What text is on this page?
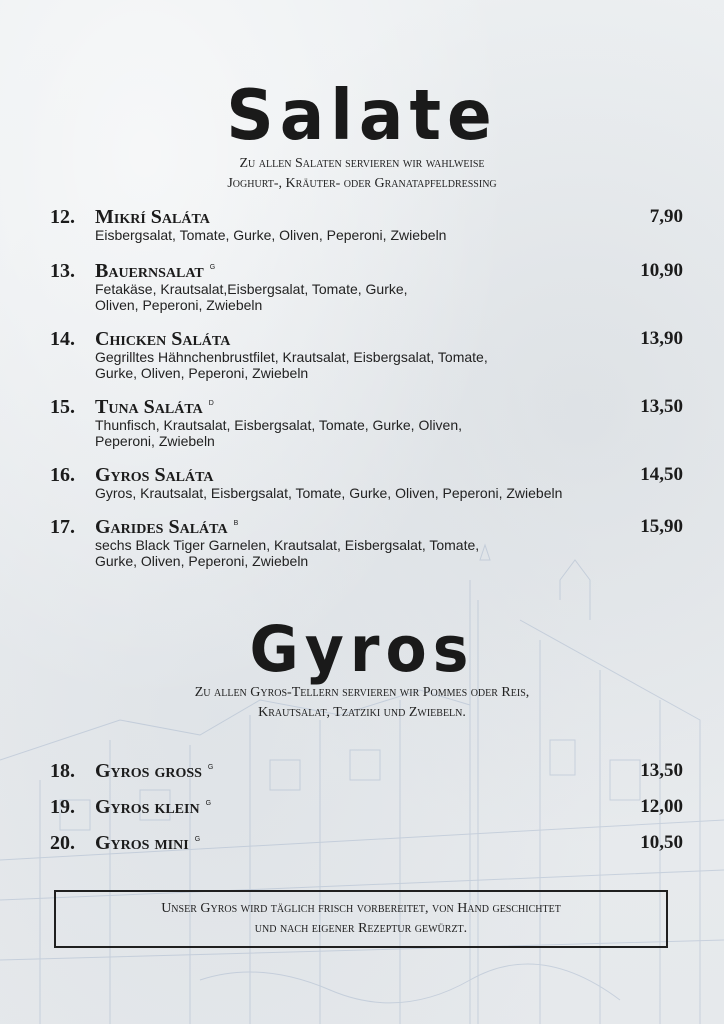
Salate
Zu allen Salaten servieren wir wahlweise
Joghurt-, Kräuter- oder Granatapfeldressing
12. Mikrí Saláta	7,90
Eisbergsalat, Tomate, Gurke, Oliven, Peperoni, Zwiebeln
13. Bauernsalat $^G$	10,90
Fetakäse, Krautsalat,Eisbergsalat, Tomate, Gurke,
Oliven, Peperoni, Zwiebeln
14. Chicken Saláta	13,90
Gegrilltes Hähnchenbrustfilet, Krautsalat, Eisbergsalat, Tomate,
Gurke, Oliven, Peperoni, Zwiebeln
15. Tuna Saláta $^D$	13,50
Thunfisch, Krautsalat, Eisbergsalat, Tomate, Gurke, Oliven,
Peperoni, Zwiebeln
16. Gyros Saláta	14,50
Gyros, Krautsalat, Eisbergsalat, Tomate, Gurke, Oliven, Peperoni, Zwiebeln
17. Garides Saláta $^B$	15,90
sechs Black Tiger Garnelen, Krautsalat, Eisbergsalat, Tomate,
Gurke, Oliven, Peperoni, Zwiebeln
Gyros
Zu allen Gyros-Tellern servieren wir Pommes oder Reis,
Krautsalat, Tzatziki und Zwiebeln.
18. Gyros gross $^G$	13,50
19. Gyros klein $^G$	12,00
20. Gyros mini $^G$	10,50
Unser Gyros wird täglich frisch vorbereitet, von Hand geschichtet
und nach eigener Rezeptur gewürzt.
